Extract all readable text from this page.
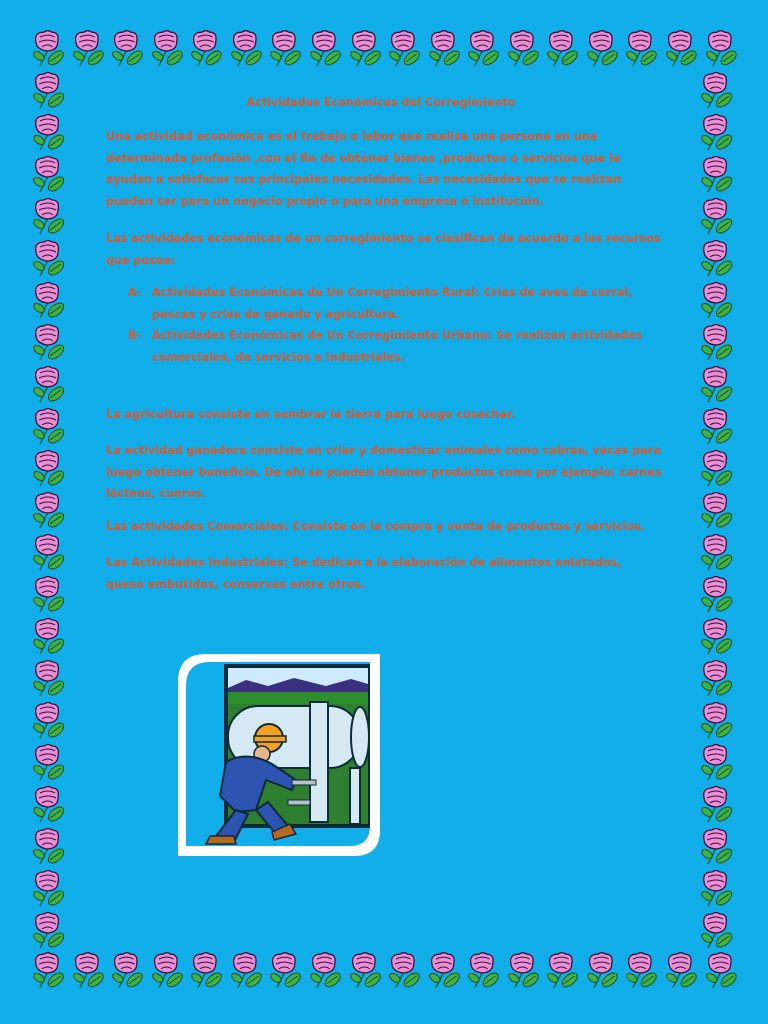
Actividades Económicas del Corregimiento

Una actividad económica es el trabajo o labor que realiza una persona en una determinada profesión ,con el fin de obtener bienes ,productos o servicios que le ayudan a satisfacer sus principales necesidades. Las necesidades que se realizan pueden ser para un negocio propio o para una empresa o institución.

Las actividades económicas de un corregimiento se clasifican de acuerdo a los recursos que posee:

A- Actividades Económicas de Un Corregimiento Rural: Crías de aves de corral, pescas y crías de ganado y agricultura.
B- Actividades Económicas de Un Corregimiento Urbano: Se realizan actividades comerciales, de servicios e industriales.

La agricultura consiste en sembrar la tierra para luego cosechar.

La actividad ganadera consiste en criar y domesticar animales como cabras, vacas para luego obtener beneficio. De ahí se pueden obtener productos como por ejemplo: carnes lácteos, cueros.

Las actividades Comerciales: Consiste en la compra y venta de productos y servicios.

Las Actividades Industriales: Se dedican a la elaboración de alimentos enlatados, queso embutidos, conservas entre otros.
